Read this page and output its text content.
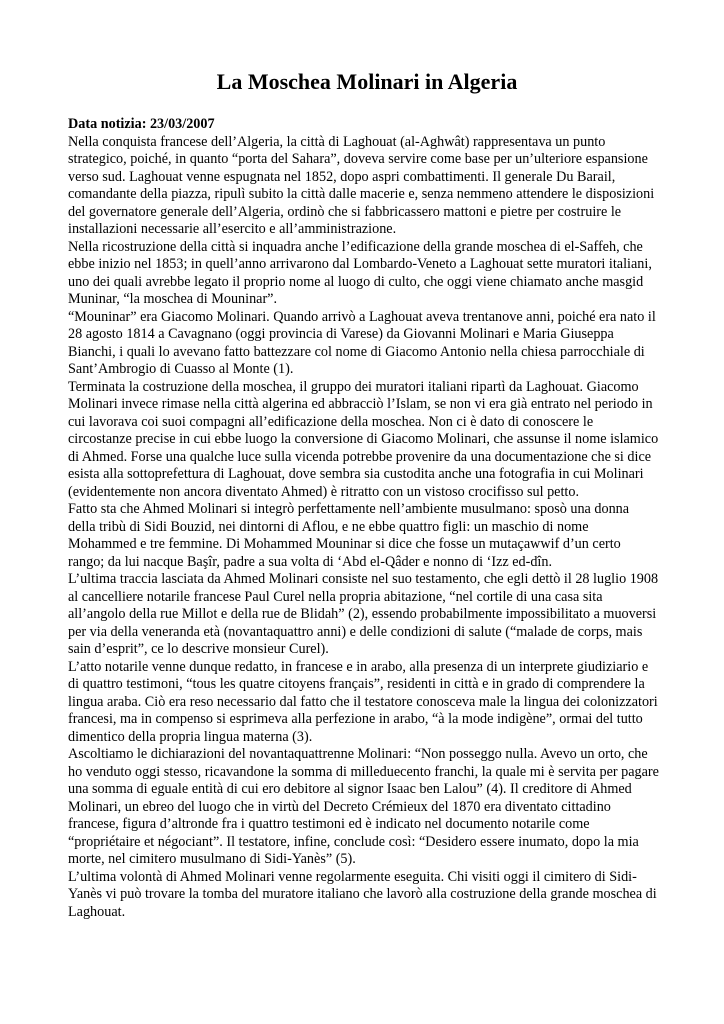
La Moschea Molinari in Algeria

Data notizia: 23/03/2007

Nella conquista francese dell’Algeria, la città di Laghouat (al-Aghwât) rappresentava un punto strategico, poiché, in quanto “porta del Sahara”, doveva servire come base per un’ulteriore espansione verso sud. Laghouat venne espugnata nel 1852, dopo aspri combattimenti. Il generale Du Barail, comandante della piazza, ripulì subito la città dalle macerie e, senza nemmeno attendere le disposizioni del governatore generale dell’Algeria, ordinò che si fabbricassero mattoni e pietre per costruire le installazioni necessarie all’esercito e all’amministrazione.

Nella ricostruzione della città si inquadra anche l’edificazione della grande moschea di el-Saffeh, che ebbe inizio nel 1853; in quell’anno arrivarono dal Lombardo-Veneto a Laghouat sette muratori italiani, uno dei quali avrebbe legato il proprio nome al luogo di culto, che oggi viene chiamato anche masgid Muninar, “la moschea di Mouninar”.

“Mouninar” era Giacomo Molinari. Quando arrivò a Laghouat aveva trentanove anni, poiché era nato il 28 agosto 1814 a Cavagnano (oggi provincia di Varese) da Giovanni Molinari e Maria Giuseppa Bianchi, i quali lo avevano fatto battezzare col nome di Giacomo Antonio nella chiesa parrocchiale di Sant’Ambrogio di Cuasso al Monte (1).

Terminata la costruzione della moschea, il gruppo dei muratori italiani ripartì da Laghouat. Giacomo Molinari invece rimase nella città algerina ed abbracciò l’Islam, se non vi era già entrato nel periodo in cui lavorava coi suoi compagni all’edificazione della moschea. Non ci è dato di conoscere le circostanze precise in cui ebbe luogo la conversione di Giacomo Molinari, che assunse il nome islamico di Ahmed. Forse una qualche luce sulla vicenda potrebbe provenire da una documentazione che si dice esista alla sottoprefettura di Laghouat, dove sembra sia custodita anche una fotografia in cui Molinari (evidentemente non ancora diventato Ahmed) è ritratto con un vistoso crocifisso sul petto.

Fatto sta che Ahmed Molinari si integrò perfettamente nell’ambiente musulmano: sposò una donna della tribù di Sidi Bouzid, nei dintorni di Aflou, e ne ebbe quattro figli: un maschio di nome Mohammed e tre femmine. Di Mohammed Mouninar si dice che fosse un mutaçawwif d’un certo rango; da lui nacque Başîr, padre a sua volta di ‘Abd el-Qâder e nonno di ‘Izz ed-dîn.

L’ultima traccia lasciata da Ahmed Molinari consiste nel suo testamento, che egli dettò il 28 luglio 1908 al cancelliere notarile francese Paul Curel nella propria abitazione, “nel cortile di una casa sita all’angolo della rue Millot e della rue de Blidah” (2), essendo probabilmente impossibilitato a muoversi per via della veneranda età (novantaquattro anni) e delle condizioni di salute (“malade de corps, mais sain d’esprit”, ce lo descrive monsieur Curel).

L’atto notarile venne dunque redatto, in francese e in arabo, alla presenza di un interprete giudiziario e di quattro testimoni, “tous les quatre citoyens français”, residenti in città e in grado di comprendere la lingua araba. Ciò era reso necessario dal fatto che il testatore conosceva male la lingua dei colonizzatori francesi, ma in compenso si esprimeva alla perfezione in arabo, “à la mode indigène”, ormai del tutto dimentico della propria lingua materna (3).

Ascoltiamo le dichiarazioni del novantaquattrenne Molinari: “Non posseggo nulla. Avevo un orto, che ho venduto oggi stesso, ricavandone la somma di milleduecento franchi, la quale mi è servita per pagare una somma di eguale entità di cui ero debitore al signor Isaac ben Lalou” (4). Il creditore di Ahmed Molinari, un ebreo del luogo che in virtù del Decreto Crémieux del 1870 era diventato cittadino francese, figura d’altronde fra i quattro testimoni ed è indicato nel documento notarile come “propriétaire et négociant”. Il testatore, infine, conclude così: “Desidero essere inumato, dopo la mia morte, nel cimitero musulmano di Sidi-Yanès” (5).

L’ultima volontà di Ahmed Molinari venne regolarmente eseguita. Chi visiti oggi il cimitero di Sidi-Yanès vi può trovare la tomba del muratore italiano che lavorò alla costruzione della grande moschea di Laghouat.
